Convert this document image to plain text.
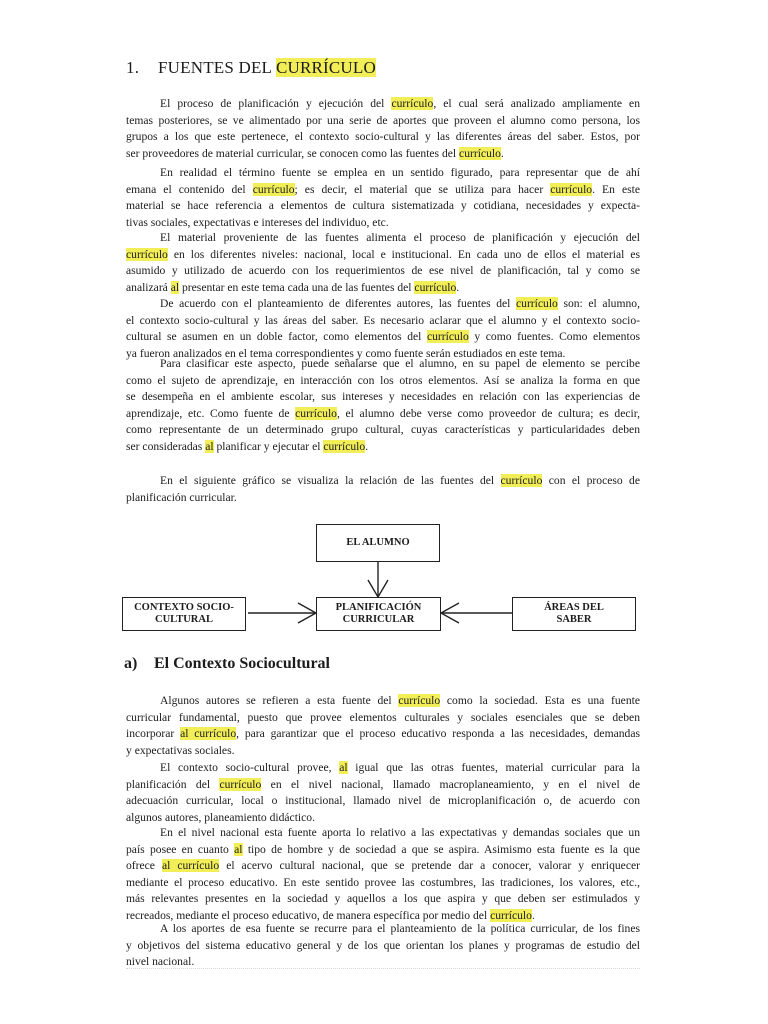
1. FUENTES DEL CURRÍCULO
El proceso de planificación y ejecución del currículo, el cual será analizado ampliamente en
temas posteriores, se ve alimentado por una serie de aportes que proveen el alumno como persona, los
grupos a los que este pertenece, el contexto socio-cultural y las diferentes áreas del saber. Estos, por
ser proveedores de material curricular, se conocen como las fuentes del currículo.
En realidad el término fuente se emplea en un sentido figurado, para representar que de ahí
emana el contenido del currículo; es decir, el material que se utiliza para hacer currículo. En este
material se hace referencia a elementos de cultura sistematizada y cotidiana, necesidades y expecta-
tivas sociales, expectativas e intereses del individuo, etc.
El material proveniente de las fuentes alimenta el proceso de planificación y ejecución del
currículo en los diferentes niveles: nacional, local e institucional. En cada uno de ellos el material es
asumido y utilizado de acuerdo con los requerimientos de ese nivel de planificación, tal y como se
analizará al presentar en este tema cada una de las fuentes del currículo.
De acuerdo con el planteamiento de diferentes autores, las fuentes del currículo son: el alumno,
el contexto socio-cultural y las áreas del saber. Es necesario aclarar que el alumno y el contexto socio-
cultural se asumen en un doble factor, como elementos del currículo y como fuentes. Como elementos
ya fueron analizados en el tema correspondientes y como fuente serán estudiados en este tema.
Para clasificar este aspecto, puede señalarse que el alumno, en su papel de elemento se percibe
como el sujeto de aprendizaje, en interacción con los otros elementos. Así se analiza la forma en que
se desempeña en el ambiente escolar, sus intereses y necesidades en relación con las experiencias de
aprendizaje, etc. Como fuente de currículo, el alumno debe verse como proveedor de cultura; es decir,
como representante de un determinado grupo cultural, cuyas características y particularidades deben
ser consideradas al planificar y ejecutar el currículo.
En el siguiente gráfico se visualiza la relación de las fuentes del currículo con el proceso de
planificación curricular.
Algunos autores se refieren a esta fuente del currículo como la sociedad. Esta es una fuente
curricular fundamental, puesto que provee elementos culturales y sociales esenciales que se deben
incorporar al currículo, para garantizar que el proceso educativo responda a las necesidades, demandas
y expectativas sociales.
El contexto socio-cultural provee, al igual que las otras fuentes, material curricular para la
planificación del currículo en el nivel nacional, llamado macroplaneamiento, y en el nivel de
adecuación curricular, local o institucional, llamado nivel de microplanificación o, de acuerdo con
algunos autores, planeamiento didáctico.
En el nivel nacional esta fuente aporta lo relativo a las expectativas y demandas sociales que un
país posee en cuanto al tipo de hombre y de sociedad a que se aspira. Asimismo esta fuente es la que
ofrece al currículo el acervo cultural nacional, que se pretende dar a conocer, valorar y enriquecer
mediante el proceso educativo. En este sentido provee las costumbres, las tradiciones, los valores, etc.,
más relevantes presentes en la sociedad y aquellos a los que aspira y que deben ser estimulados y
recreados, mediante el proceso educativo, de manera específica por medio del currículo.
A los aportes de esa fuente se recurre para el planteamiento de la política curricular, de los fines
y objetivos del sistema educativo general y de los que orientan los planes y programas de estudio del
nivel nacional.
EL ALUMNO
PLANIFICACIÓN
CURRICULAR
CONTEXTO SOCIO-
CULTURAL
ÁREAS DEL
SABER
a) El Contexto Sociocultural
